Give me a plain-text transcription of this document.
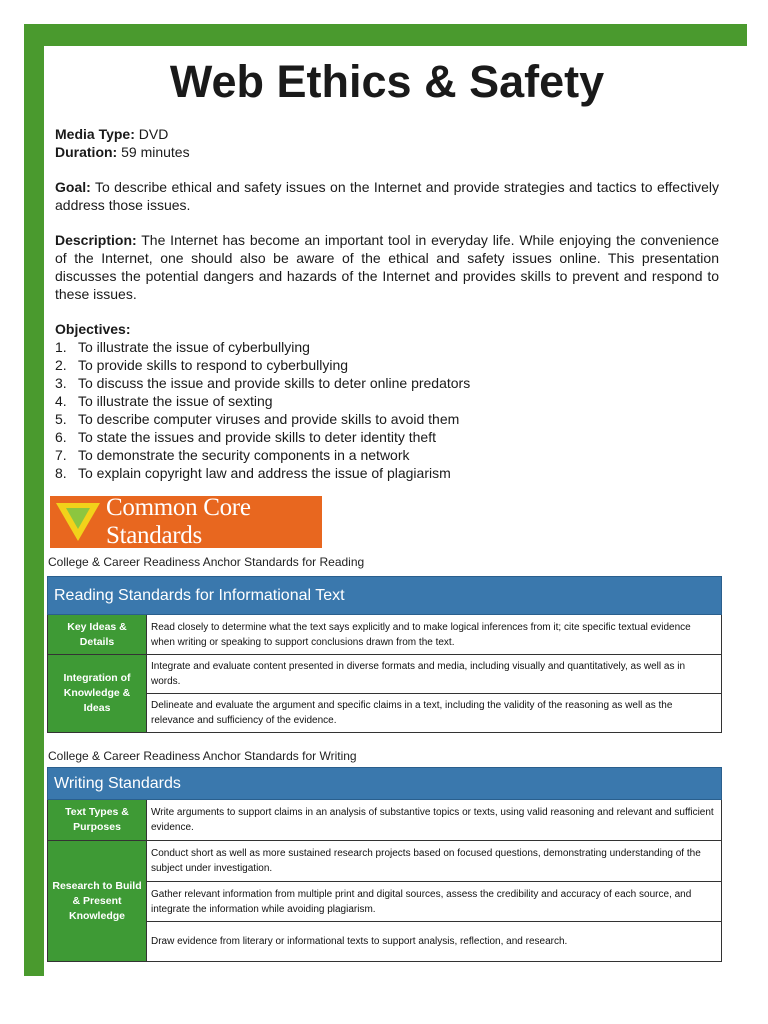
Web Ethics & Safety
Media Type: DVD
Duration: 59 minutes
Goal: To describe ethical and safety issues on the Internet and provide strategies and tactics to effectively address those issues.
Description: The Internet has become an important tool in everyday life. While enjoying the convenience of the Internet, one should also be aware of the ethical and safety issues online. This presentation discusses the potential dangers and hazards of the Internet and provides skills to prevent and respond to these issues.
Objectives:
1. To illustrate the issue of cyberbullying
2. To provide skills to respond to cyberbullying
3. To discuss the issue and provide skills to deter online predators
4. To illustrate the issue of sexting
5. To describe computer viruses and provide skills to avoid them
6. To state the issues and provide skills to deter identity theft
7. To demonstrate the security components in a network
8. To explain copyright law and address the issue of plagiarism
Common Core Standards
College & Career Readiness Anchor Standards for Reading
Reading Standards for Informational Text	
Key Ideas & Details	Read closely to determine what the text says explicitly and to make logical inferences from it; cite specific textual evidence when writing or speaking to support conclusions drawn from the text.
Integration of Knowledge & Ideas	Integrate and evaluate content presented in diverse formats and media, including visually and quantitatively, as well as in words.
	Delineate and evaluate the argument and specific claims in a text, including the validity of the reasoning as well as the relevance and sufficiency of the evidence.
College & Career Readiness Anchor Standards for Writing
Writing Standards	
Text Types & Purposes	Write arguments to support claims in an analysis of substantive topics or texts, using valid reasoning and relevant and sufficient evidence.
Research to Build & Present Knowledge	Conduct short as well as more sustained research projects based on focused questions, demonstrating understanding of the subject under investigation.
	Gather relevant information from multiple print and digital sources, assess the credibility and accuracy of each source, and integrate the information while avoiding plagiarism.
	Draw evidence from literary or informational texts to support analysis, reflection, and research.
